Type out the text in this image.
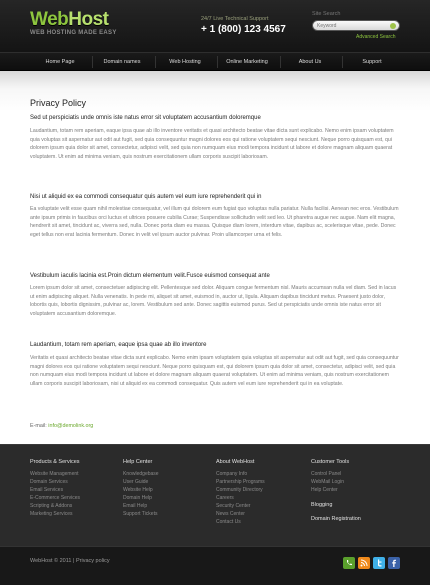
WebHost
WEB HOSTING MADE EASY
24/7 Live Technical Support
+ 1 (800) 123 4567
Site Search
Keyword
Advanced Search
Home Page	Domain names	Web Hosting	Online Marketing	About Us	Support
Privacy Policy
Sed ut perspiciatis unde omnis iste natus error sit voluptatem accusantium doloremque
Laudantium, totam rem aperiam, eaque ipsa quae ab illo inventore veritatis et quasi architecto beatae vitae dicta sunt explicabo. Nemo enim ipsam voluptatem quia voluptas sit aspernatur aut odit aut fugit, sed quia consequuntur magni dolores eos qui ratione voluptatem sequi nesciunt. Neque porro quisquam est, qui dolorem ipsum quia dolor sit amet, consectetur, adipisci velit, sed quia non numquam eius modi tempora incidunt ut labore et dolore magnam aliquam quaerat voluptatem. Ut enim ad minima veniam, quis nostrum exercitationem ullam corporis suscipit laboriosam.
Nisi ut aliquid ex ea commodi consequatur quis autem vel eum iure reprehenderit qui in
Ea voluptate velit esse quam nihil molestiae consequatur, vel illum qui dolorem eum fugiat quo voluptas nulla pariatur. Nulla facilisi. Aenean nec eros. Vestibulum ante ipsum primis in faucibus orci luctus et ultrices posuere cubilia Curae; Suspendisse sollicitudin velit sed leo. Ut pharetra augue nec augue. Nam elit magna, hendrerit sit amet, tincidunt ac, viverra sed, nulla. Donec porta diam eu massa. Quisque diam lorem, interdum vitae, dapibus ac, scelerisque vitae, pede. Donec eget tellus non erat lacinia fermentum. Donec in velit vel ipsum auctor pulvinar. Proin ullamcorper urna et felis.
Vestibulum iaculis lacinia est.Proin dictum elementum velit.Fusce euismod consequat ante
Lorem ipsum dolor sit amet, consectetuer adipiscing elit. Pellentesque sed dolor. Aliquam congue fermentum nisl. Mauris accumsan nulla vel diam. Sed in lacus ut enim adipiscing aliquet. Nulla venenatis. In pede mi, aliquet sit amet, euismod in, auctor ut, ligula. Aliquam dapibus tincidunt metus. Praesent justo dolor, lobortis quis, lobortis dignissim, pulvinar ac, lorem. Vestibulum sed ante. Donec sagittis euismod purus. Sed ut perspiciatis unde omnis iste natus error sit voluptatem accusantium doloremque.
Laudantium, totam rem aperiam, eaque ipsa quae ab illo inventore
Veritatis et quasi architecto beatae vitae dicta sunt explicabo. Nemo enim ipsam voluptatem quia voluptas sit aspernatur aut odit aut fugit, sed quia consequuntur magni dolores eos qui ratione voluptatem sequi nesciunt. Neque porro quisquam est, qui dolorem ipsum quia dolor sit amet, consectetur, adipisci velit, sed quia non numquam eius modi tempora incidunt ut labore et dolore magnam aliquam quaerat voluptatem. Ut enim ad minima veniam, quis nostrum exercitationem ullam corporis suscipit laboriosam, nisi ut aliquid ex ea commodi consequatur. Quis autem vel eum iure reprehenderit qui in ea voluptate.
E-mail: info@demolink.org
Products & Services
Website Management
Domain Services
Email Services
E-Commerce Services
Scripting & Addons
Marketing Services
Help Center
Knowledgebase
User Guide
Website Help
Domain Help
Email Help
Support Tickets
About WebHost
Company Info
Partnership Programs
Community Directory
Careers
Security Center
News Center
Contact Us
Customer Tools
Control Panel
WebMail Login
Help Center
Blogging
Domain Registration
WebHost © 2011 | Privacy policy
